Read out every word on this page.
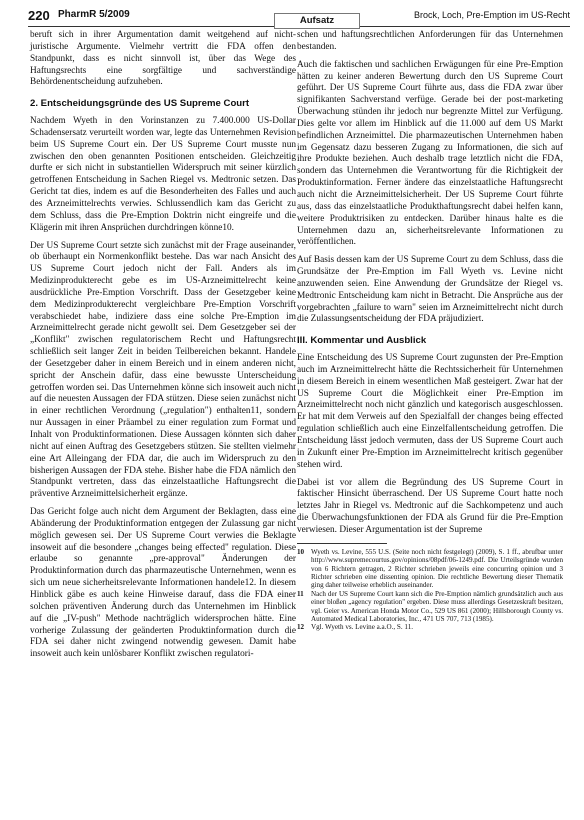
220 PharmR 5/2009
Aufsatz	Brock, Loch, Pre-Emption im US-Recht

beruft sich in ihrer Argumentation damit weitgehend auf nicht-juristische Argumente. Vielmehr vertritt die FDA offen den Standpunkt, dass es nicht sinnvoll ist, über das Wege des Haftungsrechts eine sorgfältige und sachverständige Behördenentscheidung aufzuheben.

2. Entscheidungsgründe des US Supreme Court

Nachdem Wyeth in den Vorinstanzen zu 7.400.000 US-Dollar Schadensersatz verurteilt worden war, legte das Unternehmen Revision beim US Supreme Court ein. Der US Supreme Court musste nun zwischen den oben genannten Positionen entscheiden. Gleichzeitig durfte er sich nicht in substantiellen Widerspruch mit seiner kürzlich getroffenen Entscheidung in Sachen Riegel vs. Medtronic setzen. Das Gericht tat dies, indem es auf die Besonderheiten des Falles und auch des Arzneimittelrechts verwies. Schlussendlich kam das Gericht zu dem Schluss, dass die Pre-Emption Doktrin nicht eingreife und die Klägerin mit ihren Ansprüchen durchdringen könne10.

Der US Supreme Court setzte sich zunächst mit der Frage auseinander, ob überhaupt ein Normenkonflikt bestehe. Das war nach Ansicht des US Supreme Court jedoch nicht der Fall. Anders als im Medizinprodukterecht gebe es im US-Arzneimittelrecht keine ausdrückliche Pre-Emption Vorschrift. Dass der Gesetzgeber keine dem Medizinprodukterecht vergleichbare Pre-Emption Vorschrift verabschiedet habe, indiziere dass eine solche Pre-Emption im Arzneimittelrecht gerade nicht gewollt sei. Dem Gesetzgeber sei der „Konflikt" zwischen regulatorischem Recht und Haftungsrecht schließlich seit langer Zeit in beiden Teilbereichen bekannt. Handele der Gesetzgeber daher in einem Bereich und in einem anderen nicht, spricht der Anschein dafür, dass eine bewusste Unterscheidung getroffen worden sei. Das Unternehmen könne sich insoweit auch nicht auf die neuesten Aussagen der FDA stützen. Diese seien zunächst nicht in einer rechtlichen Verordnung („regulation") enthalten11, sondern nur Aussagen in einer Präambel zu einer regulation zum Format und Inhalt von Produktinformationen. Diese Aussagen könnten sich daher nicht auf einen Auftrag des Gesetzgebers stützen. Sie stellten vielmehr eine Art Alleingang der FDA dar, die auch im Widerspruch zu den bisherigen Aussagen der FDA stehe. Bisher habe die FDA nämlich den Standpunkt vertreten, dass das einzelstaatliche Haftungsrecht die präventive Arzneimittelsicherheit ergänze.

Das Gericht folge auch nicht dem Argument der Beklagten, dass eine Abänderung der Produktinformation entgegen der Zulassung gar nicht möglich gewesen sei. Der US Supreme Court verwies die Beklagte insoweit auf die besondere „changes being effected" regulation. Diese erlaube so genannte „pre-approval" Änderungen der Produktinformation durch das pharmazeutische Unternehmen, wenn es sich um neue sicherheitsrelevante Informationen handele12. In diesem Hinblick gäbe es auch keine Hinweise darauf, dass die FDA einer solchen präventiven Änderung durch das Unternehmen im Hinblick auf die „IV-push" Methode nachträglich widersprochen hätte. Eine vorherige Zulassung der geänderten Produktinformation durch die FDA sei daher nicht zwingend notwendig gewesen. Damit habe insoweit auch kein unlösbarer Konflikt zwischen regulatori-

schen und haftungsrechtlichen Anforderungen für das Unternehmen bestanden.

Auch die faktischen und sachlichen Erwägungen für eine Pre-Emption hätten zu keiner anderen Bewertung durch den US Supreme Court geführt. Der US Supreme Court führte aus, dass die FDA zwar über signifikanten Sachverstand verfüge. Gerade bei der post-marketing Überwachung stünden ihr jedoch nur begrenzte Mittel zur Verfügung. Dies gelte vor allem im Hinblick auf die 11.000 auf dem US Markt befindlichen Arzneimittel. Die pharmazeutischen Unternehmen haben im Gegensatz dazu besseren Zugang zu Informationen, die sich auf ihre Produkte beziehen. Auch deshalb trage letztlich nicht die FDA, sondern das Unternehmen die Verantwortung für die Richtigkeit der Produktinformation. Ferner ändere das einzelstaatliche Haftungsrecht auch nicht die Arzneimittelsicherheit. Der US Supreme Court führte aus, dass das einzelstaatliche Produkthaftungsrecht dabei helfen kann, weitere Produktrisiken zu entdecken. Darüber hinaus halte es die Unternehmen dazu an, sicherheitsrelevante Informationen zu veröffentlichen.

Auf Basis dessen kam der US Supreme Court zu dem Schluss, dass die Grundsätze der Pre-Emption im Fall Wyeth vs. Levine nicht anzuwenden seien. Eine Anwendung der Grundsätze der Riegel vs. Medtronic Entscheidung kam nicht in Betracht. Die Ansprüche aus der vorgebrachten „failure to warn" seien im Arzneimittelrecht nicht durch die Zulassungsentscheidung der FDA präjudiziert.

III. Kommentar und Ausblick

Eine Entscheidung des US Supreme Court zugunsten der Pre-Emption auch im Arzneimittelrecht hätte die Rechtssicherheit für Unternehmen in diesem Bereich in einem wesentlichen Maß gesteigert. Zwar hat der US Supreme Court die Möglichkeit einer Pre-Emption im Arzneimittelrecht noch nicht gänzlich und kategorisch ausgeschlossen. Er hat mit dem Verweis auf den Spezialfall der changes being effected regulation schließlich auch eine Einzelfallentscheidung getroffen. Die Entscheidung lässt jedoch vermuten, dass der US Supreme Court auch in Zukunft einer Pre-Emption im Arzneimittelrecht kritisch gegenüber stehen wird.

Dabei ist vor allem die Begründung des US Supreme Court in faktischer Hinsicht überraschend. Der US Supreme Court hatte noch letztes Jahr in Riegel vs. Medtronic auf die Sachkompetenz und auch die Überwachungsfunktionen der FDA als Grund für die Pre-Emption verwiesen. Dieser Argumentation ist der Supreme

10 Wyeth vs. Levine, 555 U.S. (Seite noch nicht festgelegt) (2009), S. 1 ff., abrufbar unter http://www.supremecourtus.gov/opinions/08pdf/06-1249.pdf. Die Urteilsgründe wurden von 6 Richtern getragen, 2 Richter schrieben jeweils eine concurring opinion und 3 Richter schrieben eine dissenting opinion. Die rechtliche Bewertung dieser Thematik ging daher teilweise erheblich auseinander.

11 Nach der US Supreme Court kann sich die Pre-Emption nämlich grundsätzlich auch aus einer bloßen „agency regulation" ergeben. Diese muss allerdings Gesetzeskraft besitzen, vgl. Geier vs. American Honda Motor Co., 529 US 861 (2000); Hillsborough County vs. Automated Medical Laboratories, Inc., 471 US 707, 713 (1985).

12 Vgl. Wyeth vs. Levine a.a.O., S. 11.
